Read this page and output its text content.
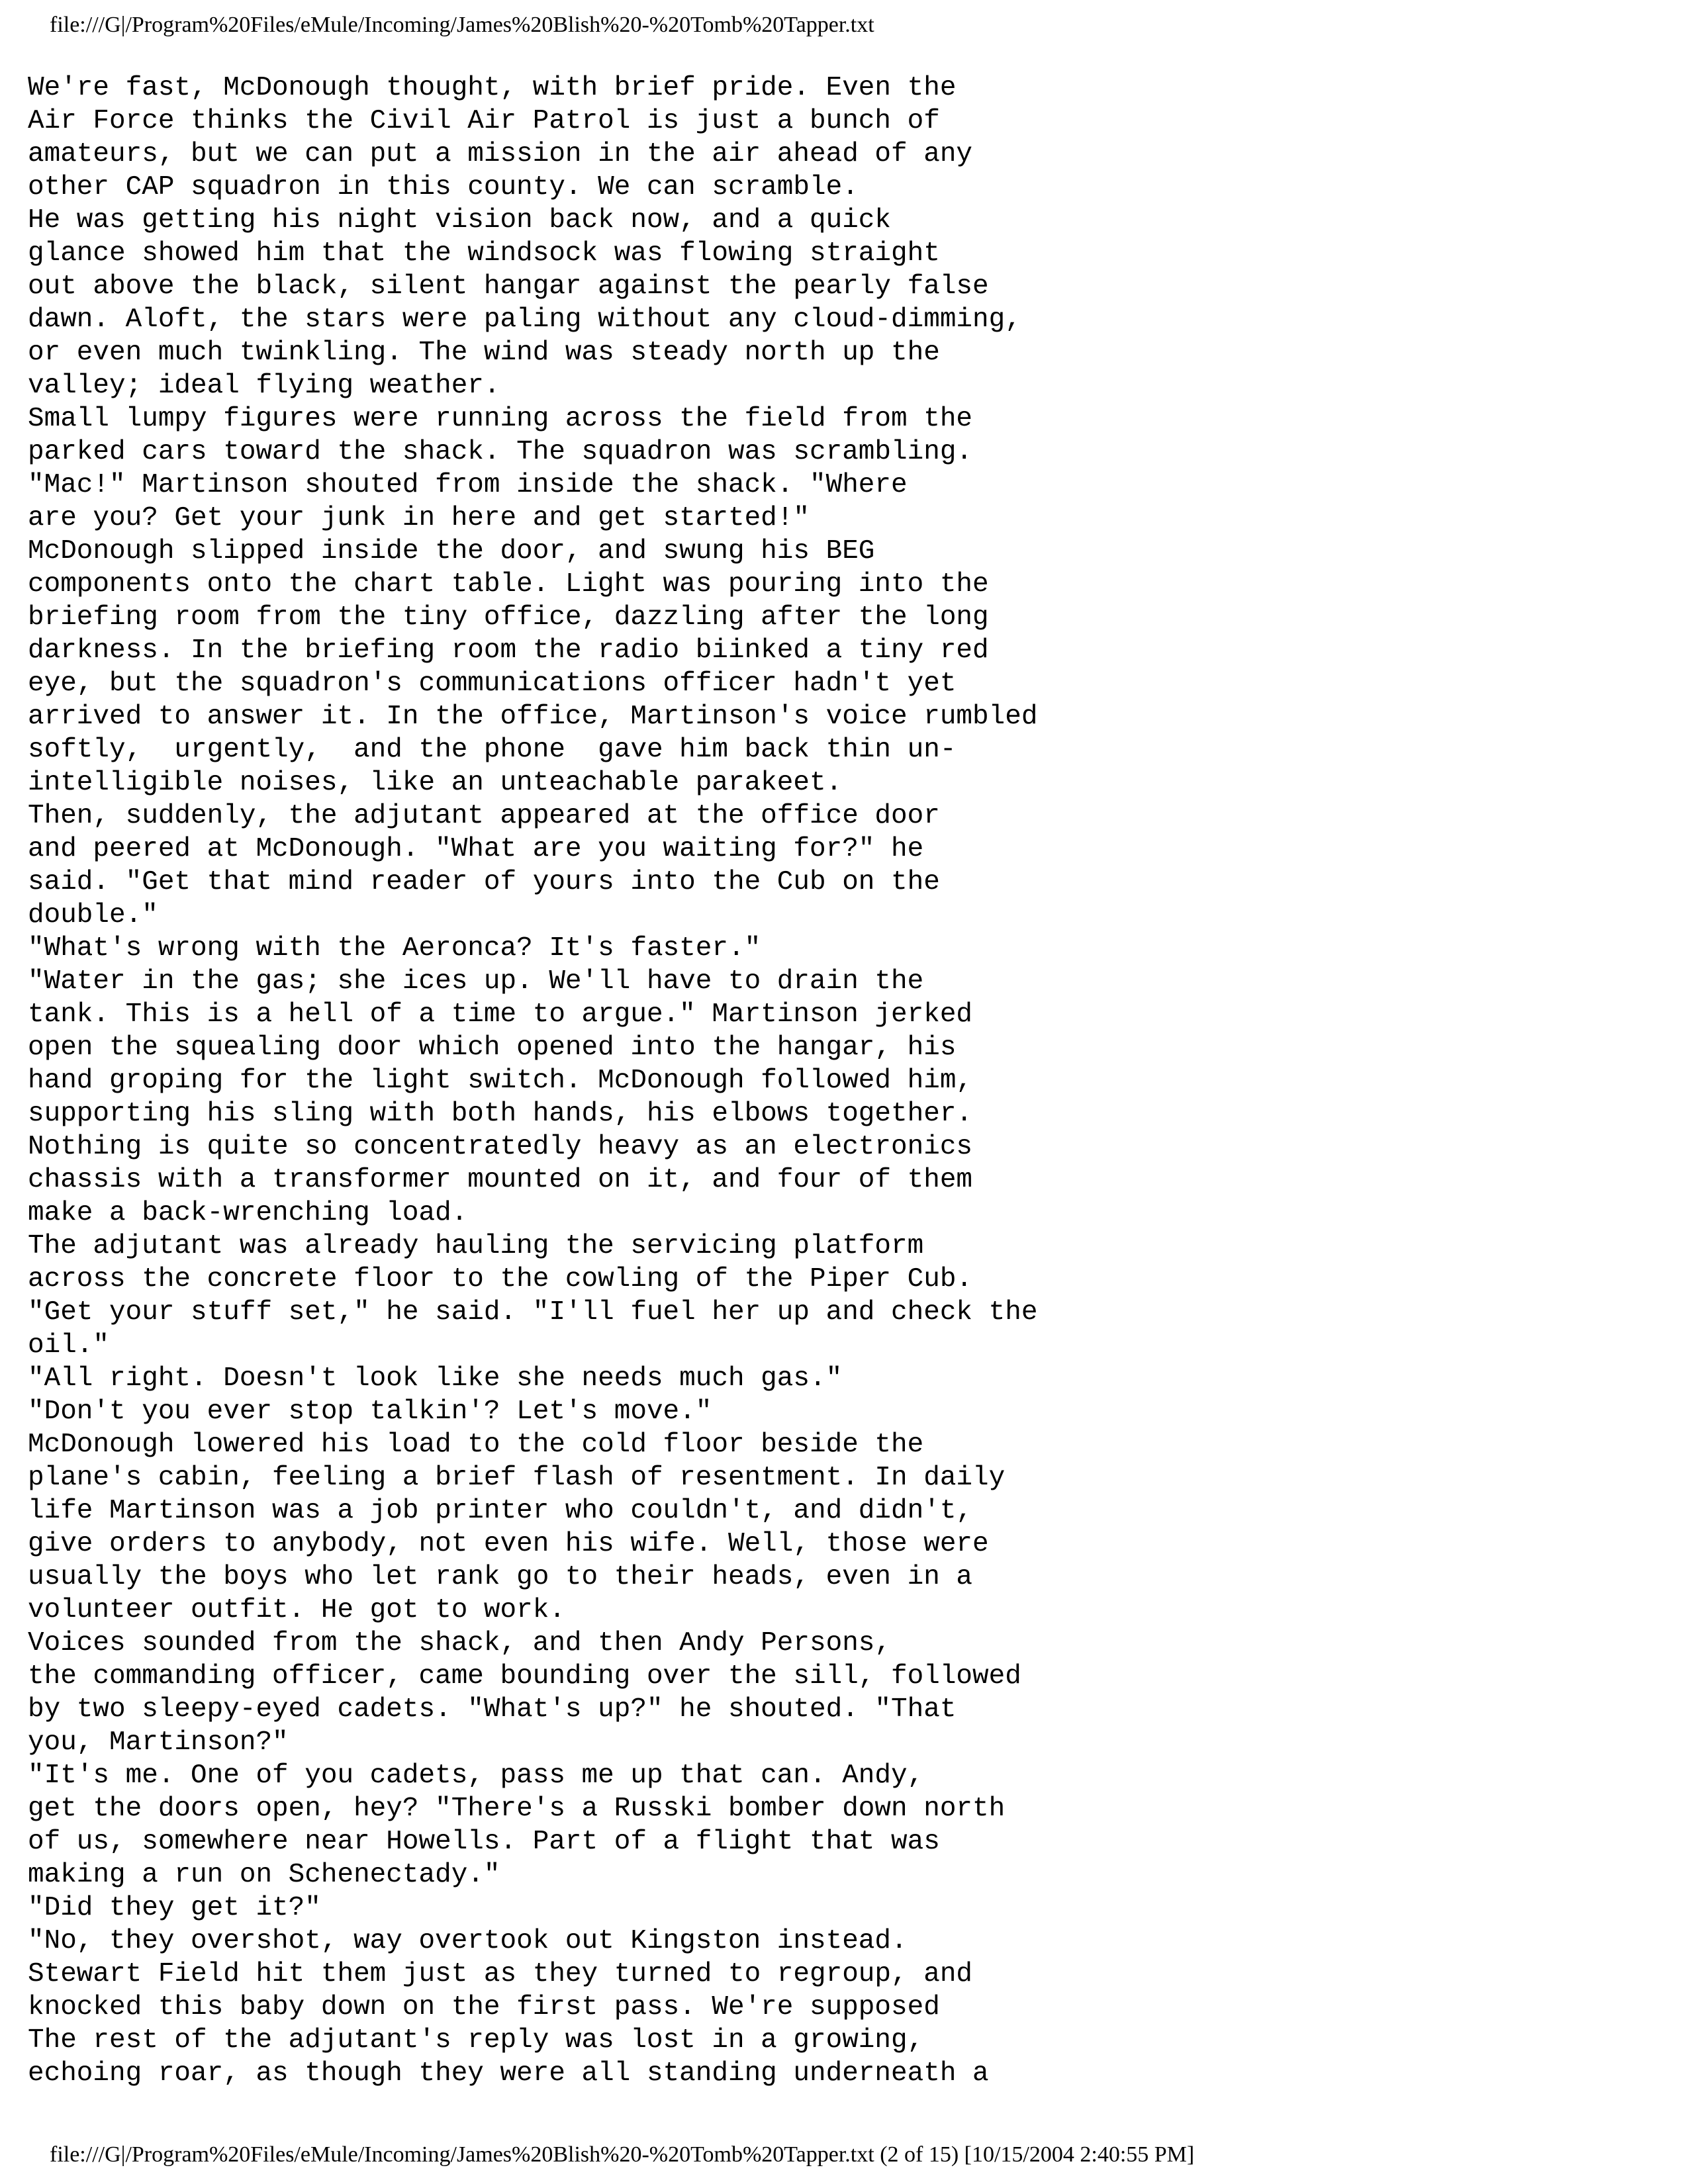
file:///G|/Program%20Files/eMule/Incoming/James%20Blish%20-%20Tomb%20Tapper.txt
We're fast, McDonough thought, with brief pride. Even the
Air Force thinks the Civil Air Patrol is just a bunch of
amateurs, but we can put a mission in the air ahead of any
other CAP squadron in this county. We can scramble.
He was getting his night vision back now, and a quick
glance showed him that the windsock was flowing straight
out above the black, silent hangar against the pearly false
dawn. Aloft, the stars were paling without any cloud-dimming,
or even much twinkling. The wind was steady north up the
valley; ideal flying weather.
Small lumpy figures were running across the field from the
parked cars toward the shack. The squadron was scrambling.
"Mac!" Martinson shouted from inside the shack. "Where
are you? Get your junk in here and get started!"
McDonough slipped inside the door, and swung his BEG
components onto the chart table. Light was pouring into the
briefing room from the tiny office, dazzling after the long
darkness. In the briefing room the radio biinked a tiny red
eye, but the squadron's communications officer hadn't yet
arrived to answer it. In the office, Martinson's voice rumbled
softly,  urgently,  and the phone  gave him back thin un-
intelligible noises, like an unteachable parakeet.
Then, suddenly, the adjutant appeared at the office door
and peered at McDonough. "What are you waiting for?" he
said. "Get that mind reader of yours into the Cub on the
double."
"What's wrong with the Aeronca? It's faster."
"Water in the gas; she ices up. We'll have to drain the
tank. This is a hell of a time to argue." Martinson jerked
open the squealing door which opened into the hangar, his
hand groping for the light switch. McDonough followed him,
supporting his sling with both hands, his elbows together.
Nothing is quite so concentratedly heavy as an electronics
chassis with a transformer mounted on it, and four of them
make a back-wrenching load.
The adjutant was already hauling the servicing platform
across the concrete floor to the cowling of the Piper Cub.
"Get your stuff set," he said. "I'll fuel her up and check the
oil."
"All right. Doesn't look like she needs much gas."
"Don't you ever stop talkin'? Let's move."
McDonough lowered his load to the cold floor beside the
plane's cabin, feeling a brief flash of resentment. In daily
life Martinson was a job printer who couldn't, and didn't,
give orders to anybody, not even his wife. Well, those were
usually the boys who let rank go to their heads, even in a
volunteer outfit. He got to work.
Voices sounded from the shack, and then Andy Persons,
the commanding officer, came bounding over the sill, followed
by two sleepy-eyed cadets. "What's up?" he shouted. "That
you, Martinson?"
"It's me. One of you cadets, pass me up that can. Andy,
get the doors open, hey? "There's a Russki bomber down north
of us, somewhere near Howells. Part of a flight that was
making a run on Schenectady."
"Did they get it?"
"No, they overshot, way overtook out Kingston instead.
Stewart Field hit them just as they turned to regroup, and
knocked this baby down on the first pass. We're supposed
The rest of the adjutant's reply was lost in a growing,
echoing roar, as though they were all standing underneath a
file:///G|/Program%20Files/eMule/Incoming/James%20Blish%20-%20Tomb%20Tapper.txt (2 of 15) [10/15/2004 2:40:55 PM]
